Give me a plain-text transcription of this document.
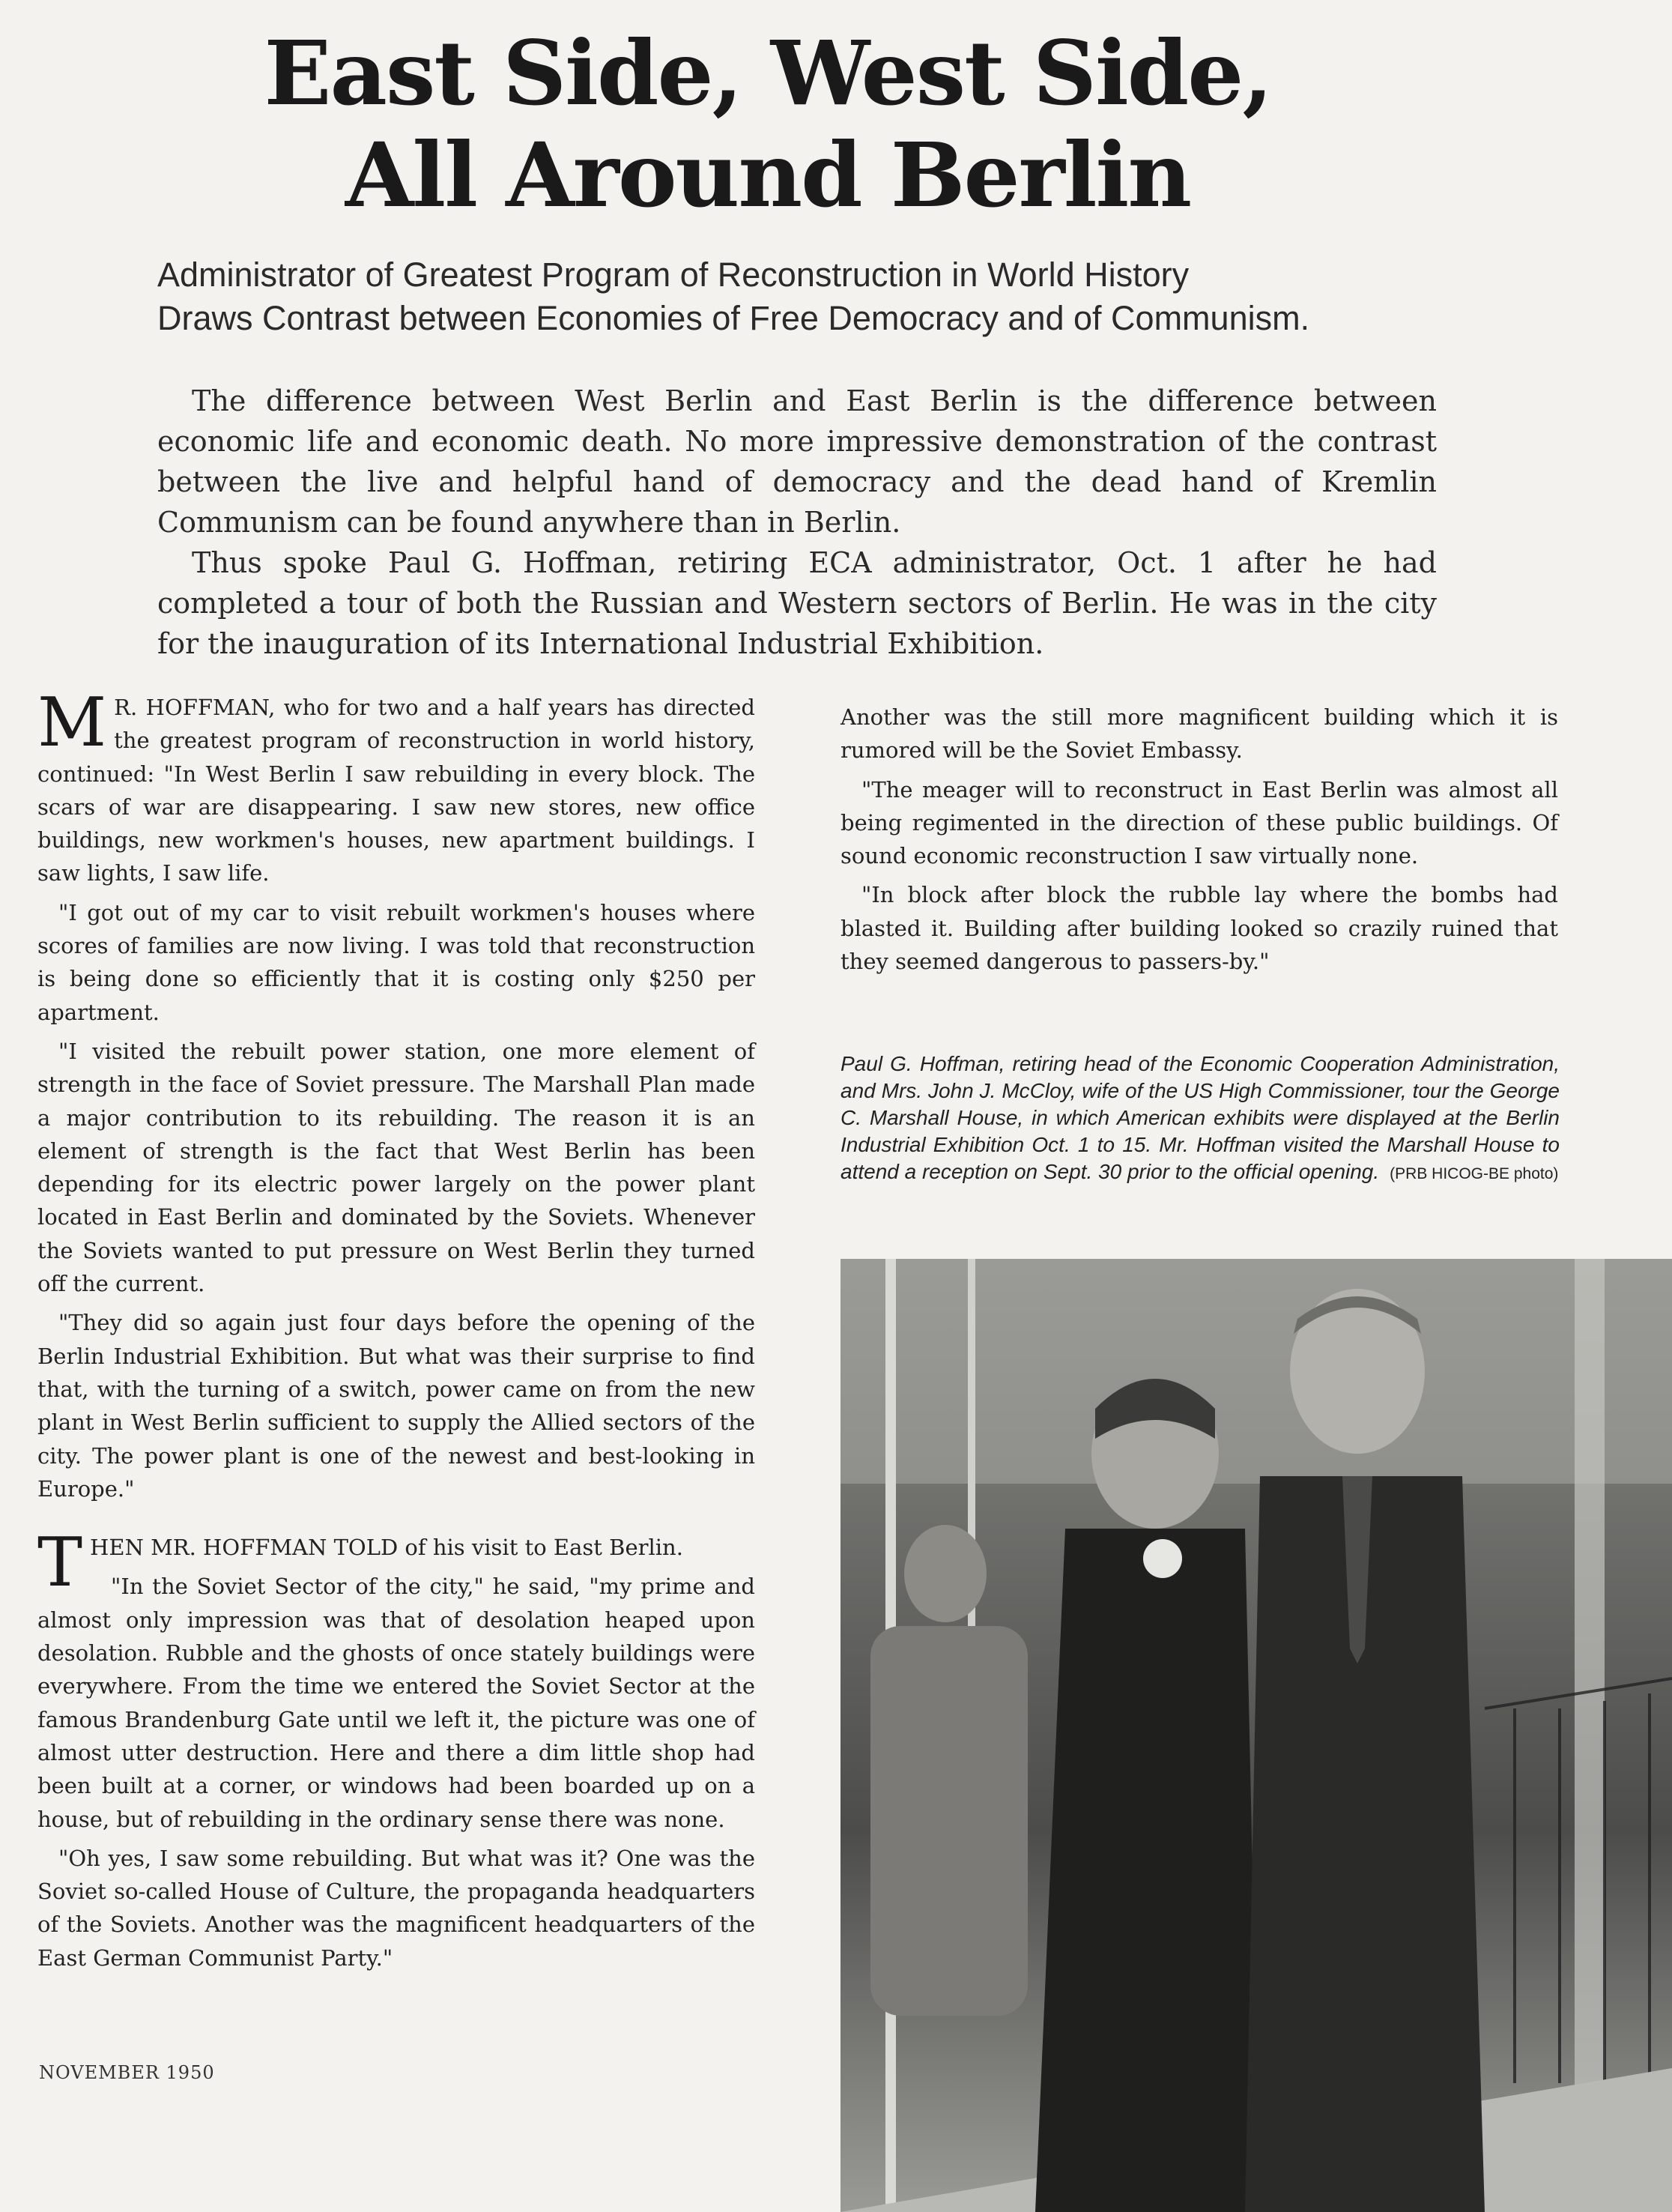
East Side, West Side,
All Around Berlin
Administrator of Greatest Program of Reconstruction in World History
Draws Contrast between Economies of Free Democracy and of Communism.

The difference between West Berlin and East Berlin is the difference between economic life and economic death. No more impressive demonstration of the contrast between the live and helpful hand of democracy and the dead hand of Kremlin Communism can be found anywhere than in Berlin.

Thus spoke Paul G. Hoffman, retiring ECA administrator, Oct. 1 after he had completed a tour of both the Russian and Western sectors of Berlin. He was in the city for the inauguration of its International Industrial Exhibition.

M R. HOFFMAN, who for two and a half years has directed the greatest program of reconstruction in world history, continued: "In West Berlin I saw rebuilding in every block. The scars of war are disappearing. I saw new stores, new office buildings, new workmen's houses, new apartment buildings. I saw lights, I saw life.

"I got out of my car to visit rebuilt workmen's houses where scores of families are now living. I was told that reconstruction is being done so efficiently that it is costing only $250 per apartment.

"I visited the rebuilt power station, one more element of strength in the face of Soviet pressure. The Marshall Plan made a major contribution to its rebuilding. The reason it is an element of strength is the fact that West Berlin has been depending for its electric power largely on the power plant located in East Berlin and dominated by the Soviets. Whenever the Soviets wanted to put pressure on West Berlin they turned off the current.

"They did so again just four days before the opening of the Berlin Industrial Exhibition. But what was their surprise to find that, with the turning of a switch, power came on from the new plant in West Berlin sufficient to supply the Allied sectors of the city. The power plant is one of the newest and best-looking in Europe."

THEN MR. HOFFMAN TOLD of his visit to East Berlin.

"In the Soviet Sector of the city," he said, "my prime and almost only impression was that of desolation heaped upon desolation. Rubble and the ghosts of once stately buildings were everywhere. From the time we entered the Soviet Sector at the famous Brandenburg Gate until we left it, the picture was one of almost utter destruction. Here and there a dim little shop had been built at a corner, or windows had been boarded up on a house, but of rebuilding in the ordinary sense there was none.

"Oh yes, I saw some rebuilding. But what was it? One was the Soviet so-called House of Culture, the propaganda headquarters of the Soviets. Another was the magnificent headquarters of the East German Communist Party."

Another was the still more magnificent building which it is rumored will be the Soviet Embassy.

"The meager will to reconstruct in East Berlin was almost all being regimented in the direction of these public buildings. Of sound economic reconstruction I saw virtually none.

"In block after block the rubble lay where the bombs had blasted it. Building after building looked so crazily ruined that they seemed dangerous to passers-by."

Paul G. Hoffman, retiring head of the Economic Cooperation Administration, and Mrs. John J. McCloy, wife of the US High Commissioner, tour the George C. Marshall House, in which American exhibits were displayed at the Berlin Industrial Exhibition Oct. 1 to 15. Mr. Hoffman visited the Marshall House to attend a reception on Sept. 30 prior to the official opening. (PRB HICOG-BE photo)
NOVEMBER 1950
